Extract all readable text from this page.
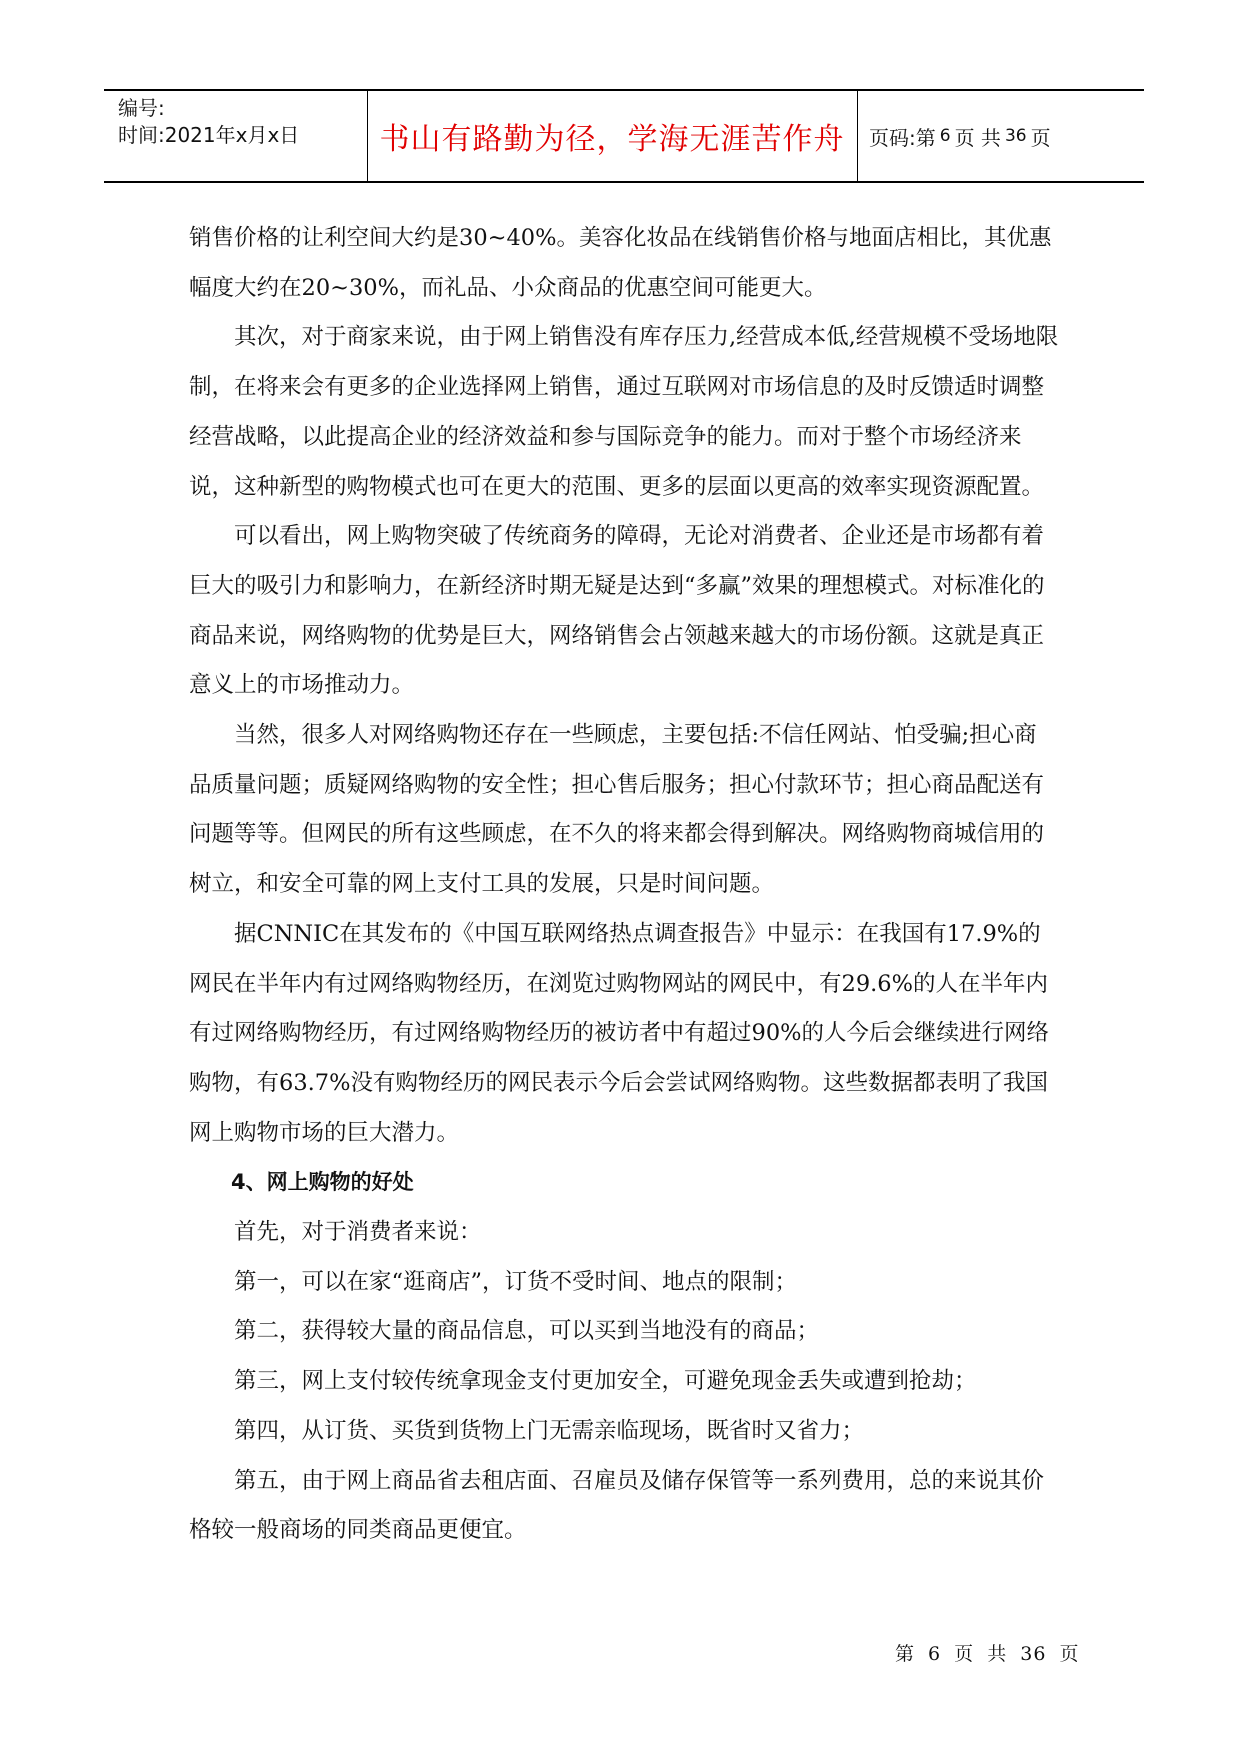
编号:
时间:2021年x月x日	书山有路勤为径，学海无涯苦作舟	页码:第 6 页 共 36 页

销售价格的让利空间大约是30~40%。美容化妆品在线销售价格与地面店相比，其优惠幅度大约在20~30%，而礼品、小众商品的优惠空间可能更大。

其次，对于商家来说，由于网上销售没有库存压力,经营成本低,经营规模不受场地限制，在将来会有更多的企业选择网上销售，通过互联网对市场信息的及时反馈适时调整经营战略，以此提高企业的经济效益和参与国际竞争的能力。而对于整个市场经济来说，这种新型的购物模式也可在更大的范围、更多的层面以更高的效率实现资源配置。

可以看出，网上购物突破了传统商务的障碍，无论对消费者、企业还是市场都有着巨大的吸引力和影响力，在新经济时期无疑是达到“多赢”效果的理想模式。对标准化的商品来说，网络购物的优势是巨大，网络销售会占领越来越大的市场份额。这就是真正意义上的市场推动力。

当然，很多人对网络购物还存在一些顾虑，主要包括:不信任网站、怕受骗;担心商品质量问题；质疑网络购物的安全性；担心售后服务；担心付款环节；担心商品配送有问题等等。但网民的所有这些顾虑，在不久的将来都会得到解决。网络购物商城信用的树立，和安全可靠的网上支付工具的发展，只是时间问题。

据CNNIC在其发布的《中国互联网络热点调查报告》中显示：在我国有17.9%的网民在半年内有过网络购物经历，在浏览过购物网站的网民中，有29.6%的人在半年内有过网络购物经历，有过网络购物经历的被访者中有超过90%的人今后会继续进行网络购物，有63.7%没有购物经历的网民表示今后会尝试网络购物。这些数据都表明了我国网上购物市场的巨大潜力。

4、网上购物的好处

首先，对于消费者来说：

第一，可以在家“逛商店”，订货不受时间、地点的限制；

第二，获得较大量的商品信息，可以买到当地没有的商品；

第三，网上支付较传统拿现金支付更加安全，可避免现金丢失或遭到抢劫；

第四，从订货、买货到货物上门无需亲临现场，既省时又省力；

第五，由于网上商品省去租店面、召雇员及储存保管等一系列费用，总的来说其价格较一般商场的同类商品更便宜。

第 6 页 共 36 页
